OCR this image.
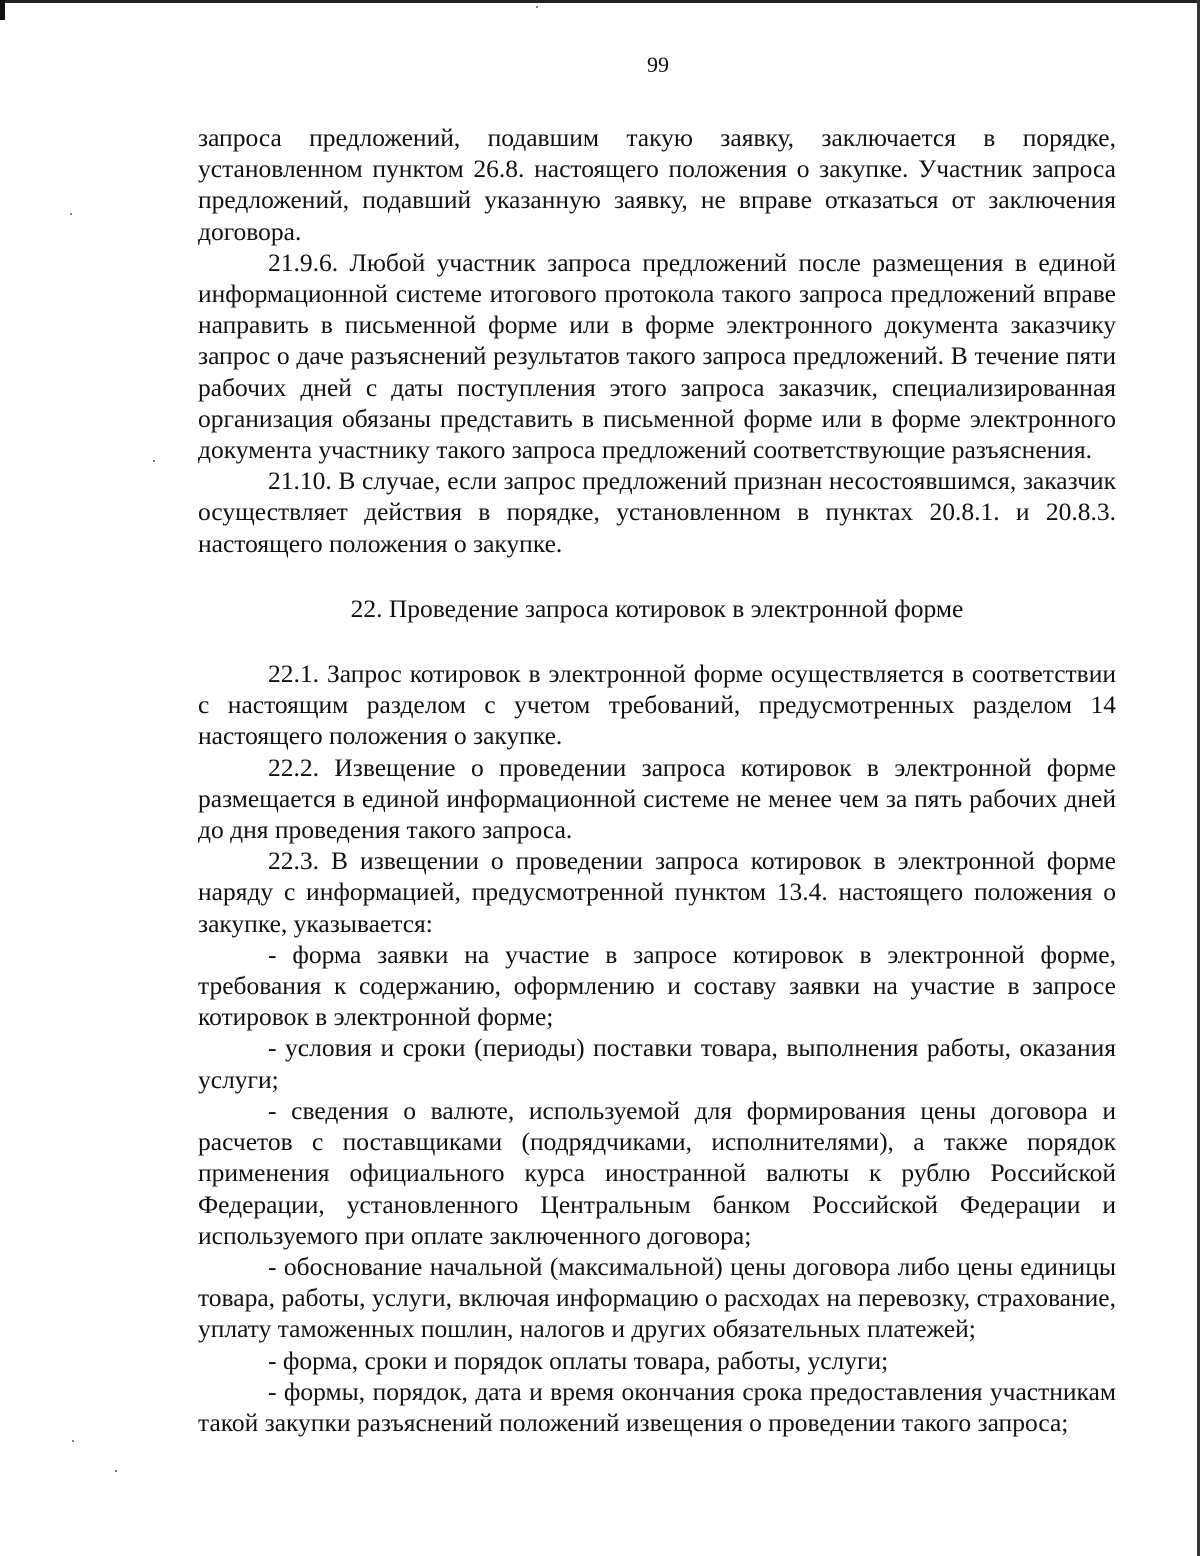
99

запроса предложений, подавшим такую заявку, заключается в порядке, установленном пунктом 26.8. настоящего положения о закупке. Участник запроса предложений, подавший указанную заявку, не вправе отказаться от заключения договора.

21.9.6. Любой участник запроса предложений после размещения в единой информационной системе итогового протокола такого запроса предложений вправе направить в письменной форме или в форме электронного документа заказчику запрос о даче разъяснений результатов такого запроса предложений. В течение пяти рабочих дней с даты поступления этого запроса заказчик, специализированная организация обязаны представить в письменной форме или в форме электронного документа участнику такого запроса предложений соответствующие разъяснения.

21.10. В случае, если запрос предложений признан несостоявшимся, заказчик осуществляет действия в порядке, установленном в пунктах 20.8.1. и 20.8.3. настоящего положения о закупке.

22. Проведение запроса котировок в электронной форме

22.1. Запрос котировок в электронной форме осуществляется в соответствии с настоящим разделом с учетом требований, предусмотренных разделом 14 настоящего положения о закупке.

22.2. Извещение о проведении запроса котировок в электронной форме размещается в единой информационной системе не менее чем за пять рабочих дней до дня проведения такого запроса.

22.3. В извещении о проведении запроса котировок в электронной форме наряду с информацией, предусмотренной пунктом 13.4. настоящего положения о закупке, указывается:

- форма заявки на участие в запросе котировок в электронной форме, требования к содержанию, оформлению и составу заявки на участие в запросе котировок в электронной форме;

- условия и сроки (периоды) поставки товара, выполнения работы, оказания услуги;

- сведения о валюте, используемой для формирования цены договора и расчетов с поставщиками (подрядчиками, исполнителями), а также порядок применения официального курса иностранной валюты к рублю Российской Федерации, установленного Центральным банком Российской Федерации и используемого при оплате заключенного договора;

- обоснование начальной (максимальной) цены договора либо цены единицы товара, работы, услуги, включая информацию о расходах на перевозку, страхование, уплату таможенных пошлин, налогов и других обязательных платежей;

- форма, сроки и порядок оплаты товара, работы, услуги;

- формы, порядок, дата и время окончания срока предоставления участникам такой закупки разъяснений положений извещения о проведении такого запроса;
